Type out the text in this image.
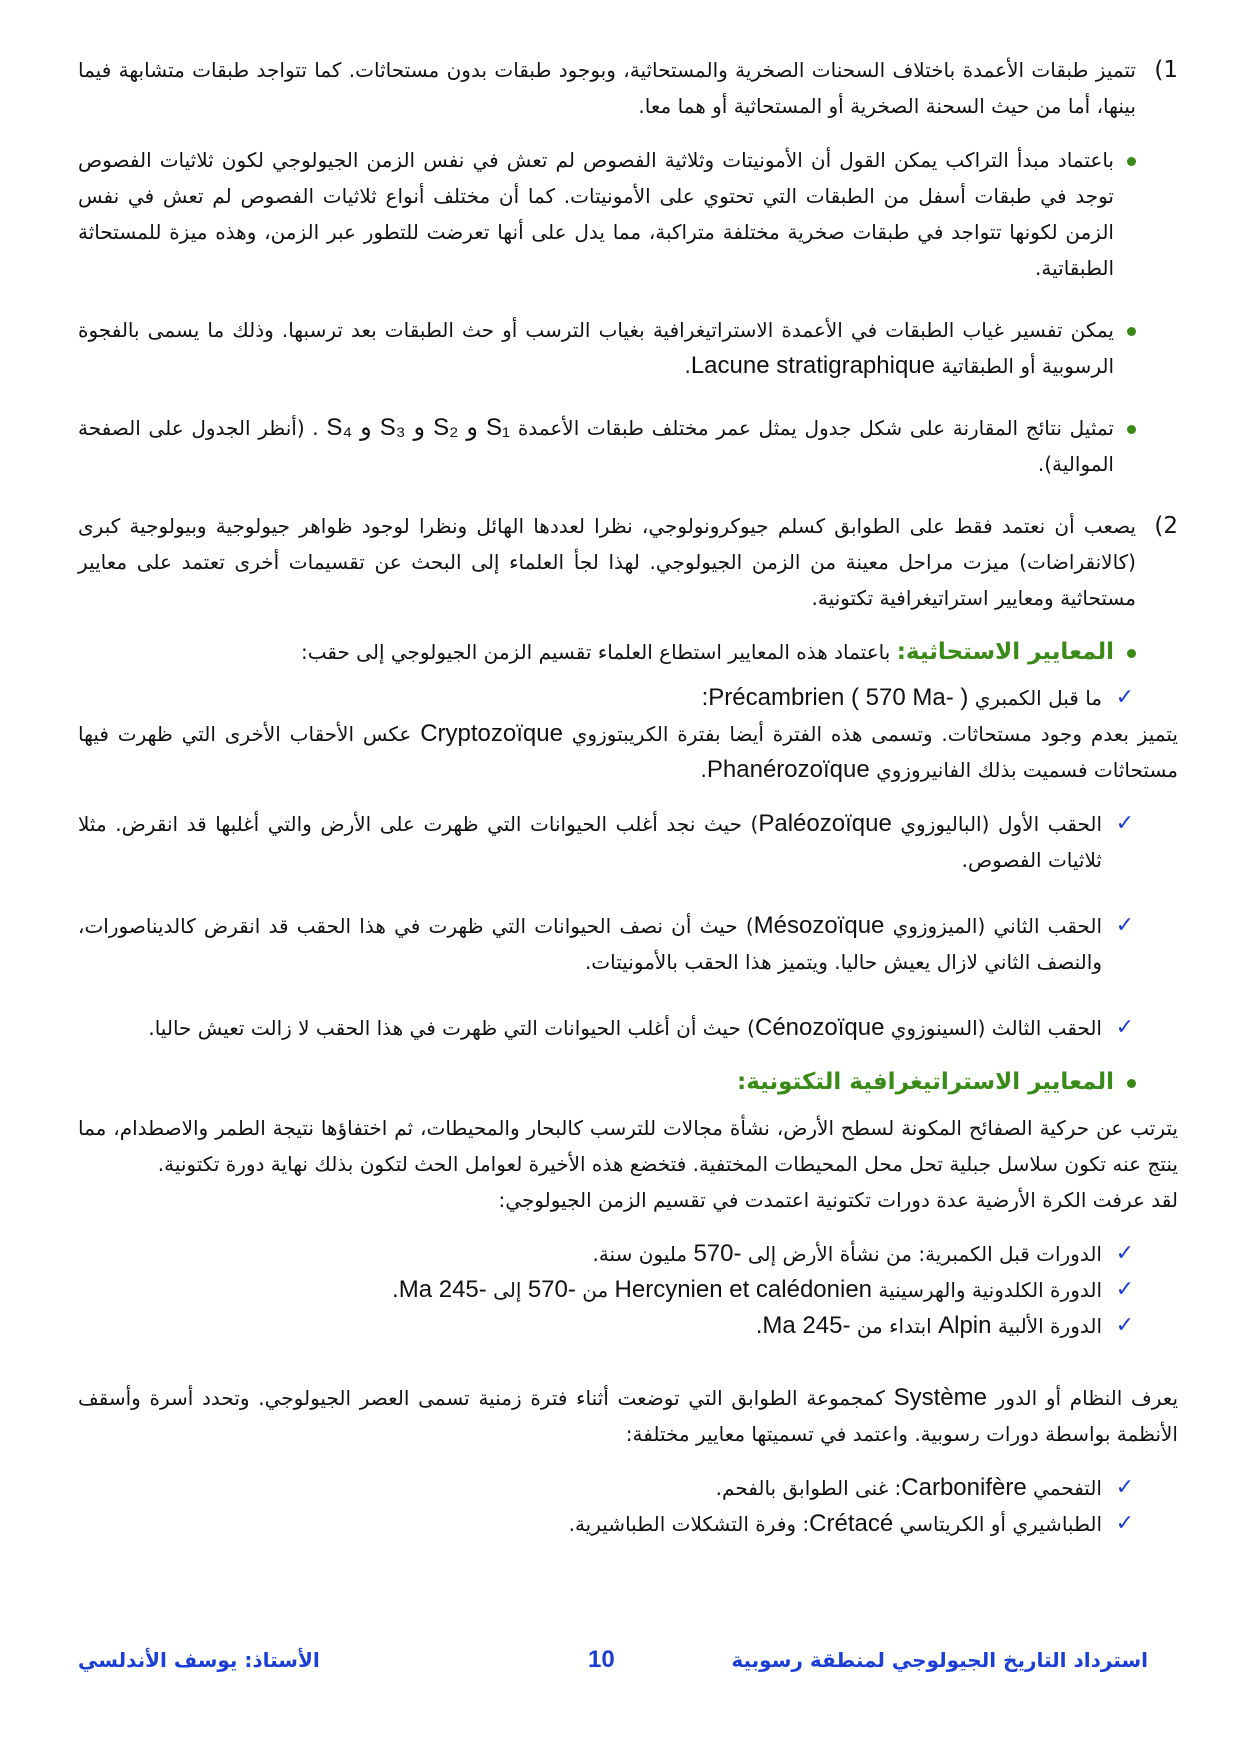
1)

تتميز طبقات الأعمدة باختلاف السحنات الصخرية والمستحاثية، وبوجود طبقات بدون مستحاثات. كما تتواجد طبقات متشابهة فيما بينها، أما من حيث السحنة الصخرية أو المستحاثية أو هما معا.

باعتماد مبدأ التراكب يمكن القول أن الأمونيتات وثلاثية الفصوص لم تعش في نفس الزمن الجيولوجي لكون ثلاثيات الفصوص توجد في طبقات أسفل من الطبقات التي تحتوي على الأمونيتات. كما أن مختلف أنواع ثلاثيات الفصوص لم تعش في نفس الزمن لكونها تتواجد في طبقات صخرية مختلفة متراكبة، مما يدل على أنها تعرضت للتطور عبر الزمن، وهذه ميزة للمستحاثة الطبقاتية.
يمكن تفسير غياب الطبقات في الأعمدة الاستراتيغرافية بغياب الترسب أو حث الطبقات بعد ترسبها. وذلك ما يسمى بالفجوة الرسوبية أو الطبقاتية Lacune stratigraphique.
تمثيل نتائج المقارنة على شكل جدول يمثل عمر مختلف طبقات الأعمدة S₁ و S₂ و S₃ و S₄ . (أنظر الجدول على الصفحة الموالية).
2)

يصعب أن نعتمد فقط على الطوابق كسلم جيوكرونولوجي، نظرا لعددها الهائل ونظرا لوجود ظواهر جيولوجية وبيولوجية كبرى (كالانقراضات) ميزت مراحل معينة من الزمن الجيولوجي. لهذا لجأ العلماء إلى البحث عن تقسيمات أخرى تعتمد على معايير مستحاثية ومعايير استراتيغرافية تكتونية.

المعايير الاستحاثية: باعتماد هذه المعايير استطاع العلماء تقسيم الزمن الجيولوجي إلى حقب:
✓
ما قبل الكمبري Précambrien ( 570 Ma- ):

يتميز بعدم وجود مستحاثات. وتسمى هذه الفترة أيضا بفترة الكريبتوزوي Cryptozoïque عكس الأحقاب الأخرى التي ظهرت فيها مستحاثات فسميت بذلك الفانيروزوي Phanérozoïque.

✓
الحقب الأول (الباليوزوي Paléozoïque) حيث نجد أغلب الحيوانات التي ظهرت على الأرض والتي أغلبها قد انقرض. مثلا ثلاثيات الفصوص.
✓
الحقب الثاني (الميزوزوي Mésozoïque) حيث أن نصف الحيوانات التي ظهرت في هذا الحقب قد انقرض كالديناصورات، والنصف الثاني لازال يعيش حاليا. ويتميز هذا الحقب بالأمونيتات.
✓
الحقب الثالث (السينوزوي Cénozoïque) حيث أن أغلب الحيوانات التي ظهرت في هذا الحقب لا زالت تعيش حاليا.
المعايير الاستراتيغرافية التكتونية:

يترتب عن حركية الصفائح المكونة لسطح الأرض، نشأة مجالات للترسب كالبحار والمحيطات، ثم اختفاؤها نتيجة الطمر والاصطدام، مما ينتج عنه تكون سلاسل جبلية تحل محل المحيطات المختفية. فتخضع هذه الأخيرة لعوامل الحث لتكون بذلك نهاية دورة تكتونية.

لقد عرفت الكرة الأرضية عدة دورات تكتونية اعتمدت في تقسيم الزمن الجيولوجي:

✓
الدورات قبل الكمبرية: من نشأة الأرض إلى -570 مليون سنة.
✓
الدورة الكلدونية والهرسينية Hercynien et calédonien من -570 إلى -245 Ma.
✓
الدورة الألبية Alpin ابتداء من -245 Ma.

يعرف النظام أو الدور Système كمجموعة الطوابق التي توضعت أثناء فترة زمنية تسمى العصر الجيولوجي. وتحدد أسرة وأسقف الأنظمة بواسطة دورات رسوبية. واعتمد في تسميتها معايير مختلفة:

✓
التفحمي Carbonifère: غنى الطوابق بالفحم.
✓
الطباشيري أو الكريتاسي Crétacé: وفرة التشكلات الطباشيرية.
استرداد التاريخ الجيولوجي لمنطقة رسوبية
10
الأستاذ: يوسف الأندلسي
